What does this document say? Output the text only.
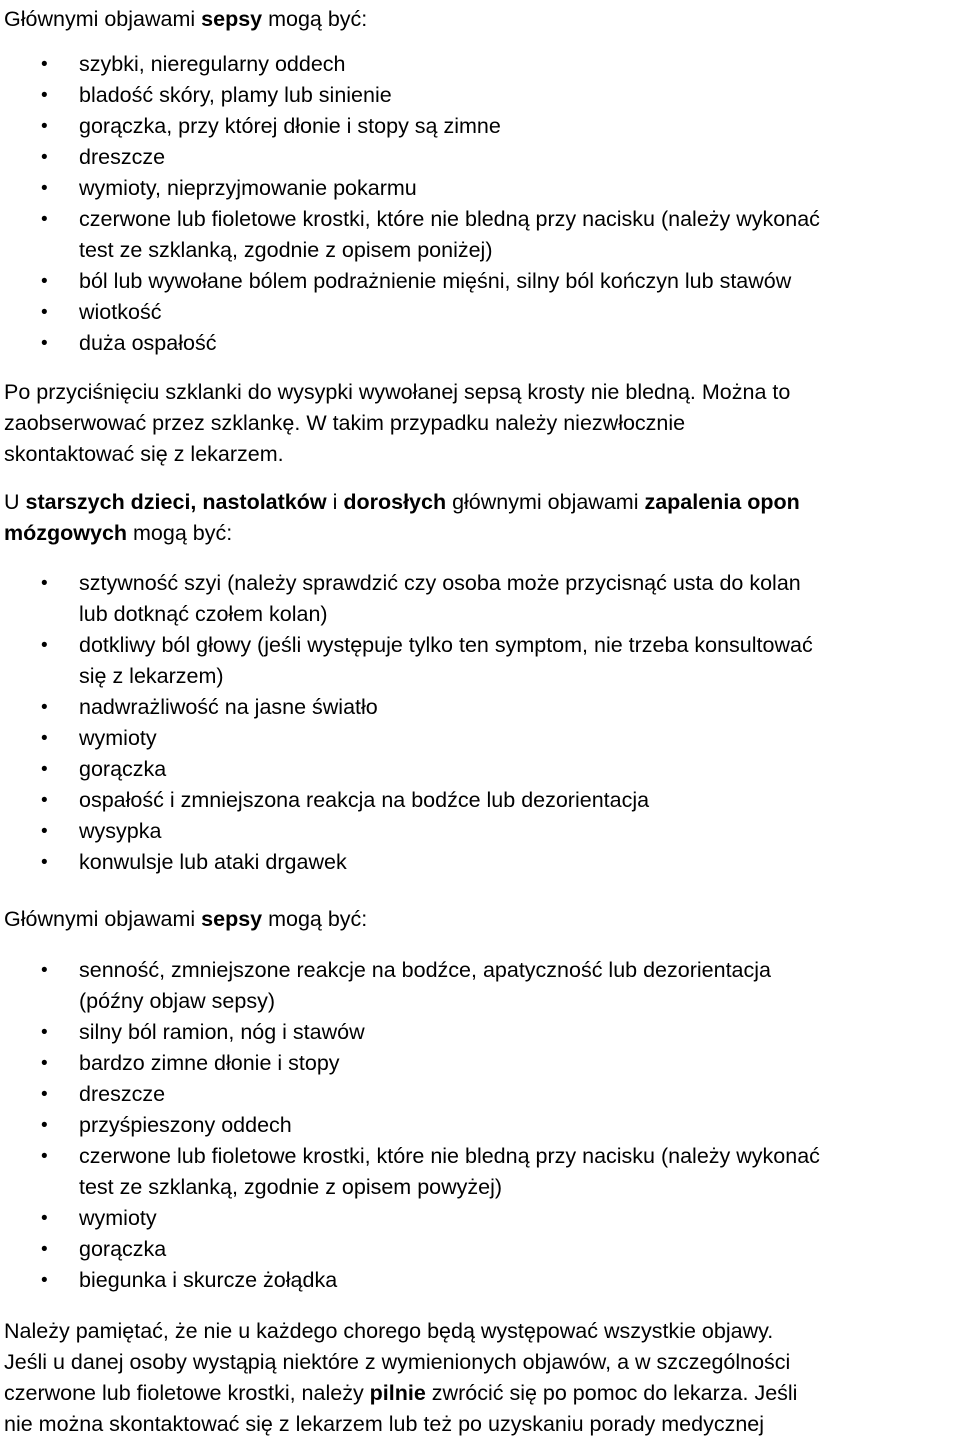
Głównymi objawami sepsy mogą być:
• szybki, nieregularny oddech
• bladość skóry, plamy lub sinienie
• gorączka, przy której dłonie i stopy są zimne
• dreszcze
• wymioty, nieprzyjmowanie pokarmu
• czerwone lub fioletowe krostki, które nie bledną przy nacisku (należy wykonać
test ze szklanką, zgodnie z opisem poniżej)
• ból lub wywołane bólem podrażnienie mięśni, silny ból kończyn lub stawów
• wiotkość
• duża ospałość
Po przyciśnięciu szklanki do wysypki wywołanej sepsą krosty nie bledną. Można to
zaobserwować przez szklankę. W takim przypadku należy niezwłocznie
skontaktować się z lekarzem.
U starszych dzieci, nastolatków i dorosłych głównymi objawami zapalenia opon
mózgowych mogą być:
• sztywność szyi (należy sprawdzić czy osoba może przycisnąć usta do kolan
lub dotknąć czołem kolan)
• dotkliwy ból głowy (jeśli występuje tylko ten symptom, nie trzeba konsultować
się z lekarzem)
• nadwrażliwość na jasne światło
• wymioty
• gorączka
• ospałość i zmniejszona reakcja na bodźce lub dezorientacja
• wysypka
• konwulsje lub ataki drgawek
Głównymi objawami sepsy mogą być:
• senność, zmniejszone reakcje na bodźce, apatyczność lub dezorientacja
(późny objaw sepsy)
• silny ból ramion, nóg i stawów
• bardzo zimne dłonie i stopy
• dreszcze
• przyśpieszony oddech
• czerwone lub fioletowe krostki, które nie bledną przy nacisku (należy wykonać
test ze szklanką, zgodnie z opisem powyżej)
• wymioty
• gorączka
• biegunka i skurcze żołądka
Należy pamiętać, że nie u każdego chorego będą występować wszystkie objawy.
Jeśli u danej osoby wystąpią niektóre z wymienionych objawów, a w szczególności
czerwone lub fioletowe krostki, należy pilnie zwrócić się po pomoc do lekarza. Jeśli
nie można skontaktować się z lekarzem lub też po uzyskaniu porady medycznej
